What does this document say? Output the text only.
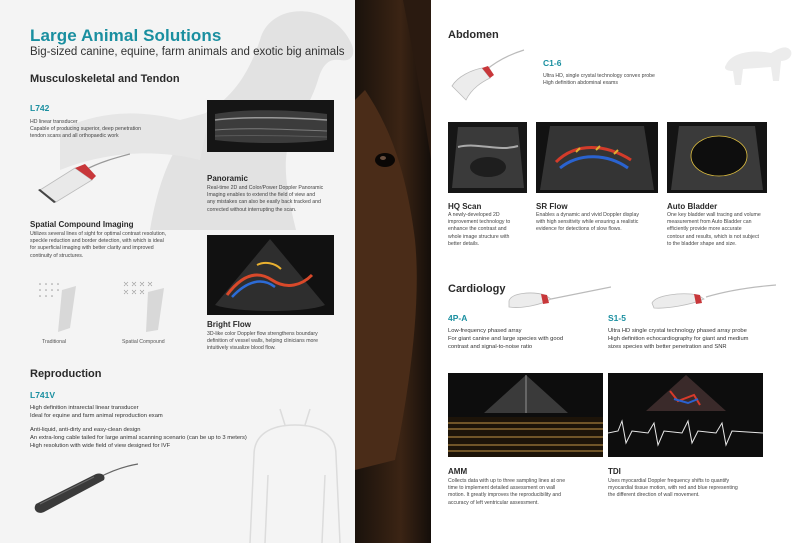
Large Animal Solutions
Big-sized canine, equine, farm animals and exotic big animals
Musculoskeletal and Tendon
L742
HD linear transducer
Capable of producing superior, deep penetration
tendon scans and all orthopaedic work
Panoramic
Real-time 2D and Color/Power Doppler Panoramic
Imaging enables to extend the field of view and
any mistakes can also be easily back tracked and
corrected without interrupting the scan.
Spatial Compound Imaging
Utilizes several lines of sight for optimal contrast resolution,
speckle reduction and border detection, with which is ideal
for superficial imaging with better clarity and improved
continuity of structures.
Traditional	Spatial Compound
Bright Flow
3D-like color Doppler flow strengthens boundary
definition of vessel walls, helping clinicians more
intuitively visualize blood flow.
Reproduction
L741V
High definition intrarectal linear transducer
Ideal for equine and farm animal reproduction exam
Anti-liquid, anti-dirty and easy-clean design
An extra-long cable tailed for large animal scanning scenario (can be up to 3 meters)
High resolution with wide field of view designed for IVF
Abdomen
C1-6
Ultra HD, single crystal technology convex probe
High definition abdominal exams
HQ Scan
A newly-developed 2D
improvement technology to
enhance the contrast and
whole image structure with
better details.
SR Flow
Enables a dynamic and vivid Doppler display
with high sensitivity while ensuring a realistic
evidence for detections of slow flows.
Auto Bladder
One key bladder wall tracing and volume
measurement from Auto Bladder can
efficiently provide more accurate
contour and results, which is not subject
to the bladder shape and size.
Cardiology
4P-A
Low-frequency phased array
For giant canine and large species with good
contrast and signal-to-noise ratio
S1-5
Ultra HD single crystal technology phased array probe
High definition echocardiography for giant and medium
sizes species with better penetration and SNR
AMM
Collects data with up to three sampling lines at one
time to implement detailed assessment on wall
motion. It greatly improves the reproducibility and
accuracy of left ventricular assessment.
TDI
Uses myocardial Doppler frequency shifts to quantify
myocardial tissue motion, with red and blue representing
the different direction of wall movement.
